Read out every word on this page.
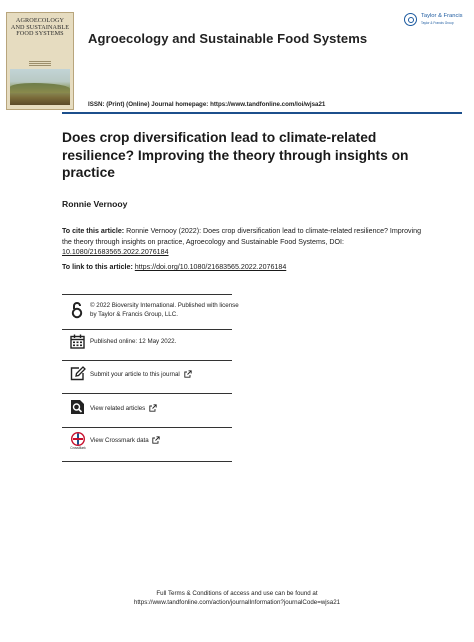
AGROECOLOGY AND SUSTAINABLE FOOD SYSTEMS	Agroecology and Sustainable Food Systems
Taylor & Francis
Taylor & Francis Group
ISSN: (Print) (Online) Journal homepage: https://www.tandfonline.com/loi/wjsa21
Does crop diversification lead to climate-related resilience? Improving the theory through insights on practice
Ronnie Vernooy
To cite this article: Ronnie Vernooy (2022): Does crop diversification lead to climate-related resilience? Improving the theory through insights on practice, Agroecology and Sustainable Food Systems, DOI: 10.1080/21683565.2022.2076184
To link to this article: https://doi.org/10.1080/21683565.2022.2076184
© 2022 Bioversity International. Published with license by Taylor & Francis Group, LLC.
Published online: 12 May 2022.
Submit your article to this journal
View related articles
CrossMark
View Crossmark data
Full Terms & Conditions of access and use can be found at
https://www.tandfonline.com/action/journalInformation?journalCode=wjsa21
